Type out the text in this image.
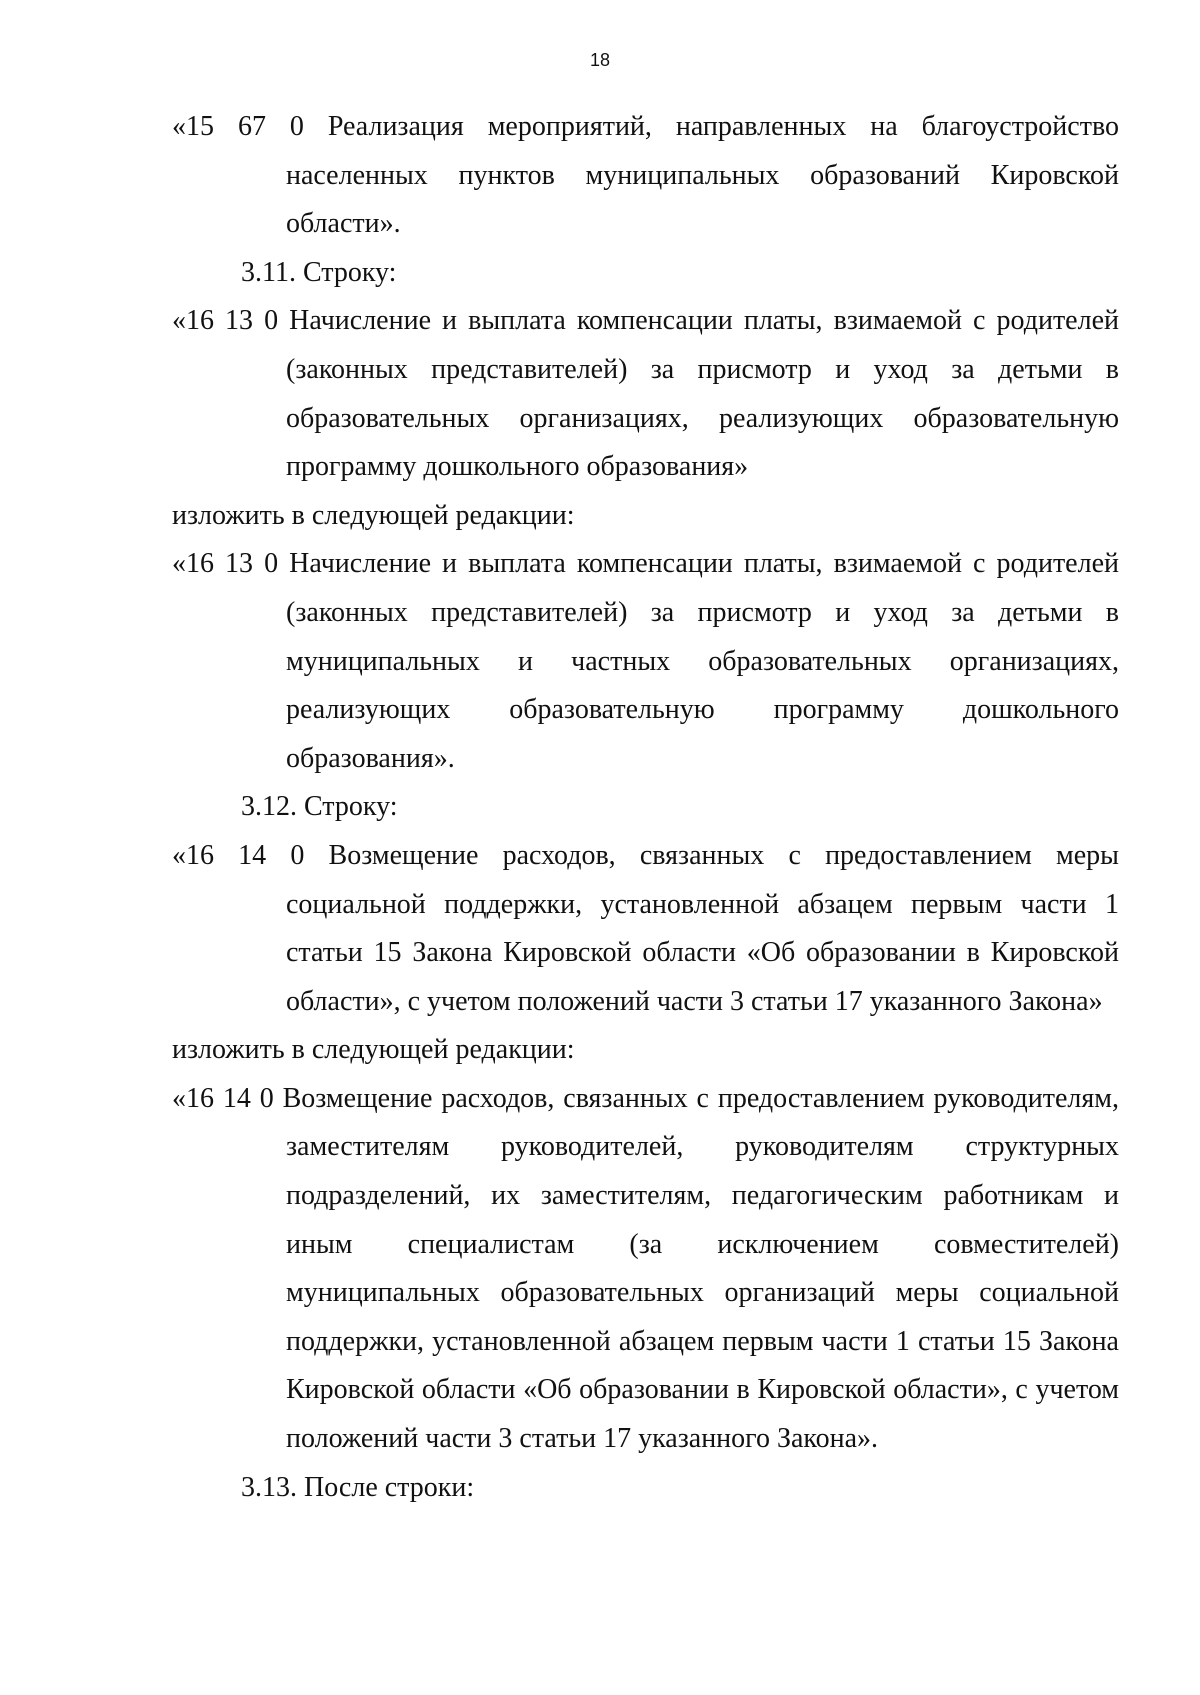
18
«15 67 0 Реализация мероприятий, направленных на благоустройство
населенных пунктов муниципальных образований Кировской
области».
3.11. Строку:
«16 13 0 Начисление и выплата компенсации платы, взимаемой с родителей
(законных представителей) за присмотр и уход за детьми в
образовательных организациях, реализующих образовательную
программу дошкольного образования»
изложить в следующей редакции:
«16 13 0 Начисление и выплата компенсации платы, взимаемой с родителей
(законных представителей) за присмотр и уход за детьми в
муниципальных и частных образовательных организациях,
реализующих образовательную программу дошкольного
образования».
3.12. Строку:
«16 14 0 Возмещение расходов, связанных с предоставлением меры
социальной поддержки, установленной абзацем первым части 1
статьи 15 Закона Кировской области «Об образовании в Кировской
области», с учетом положений части 3 статьи 17 указанного Закона»
изложить в следующей редакции:
«16 14 0 Возмещение расходов, связанных с предоставлением руководителям,
заместителям руководителей, руководителям структурных
подразделений, их заместителям, педагогическим работникам и
иным специалистам (за исключением совместителей)
муниципальных образовательных организаций меры социальной
поддержки, установленной абзацем первым части 1 статьи 15 Закона
Кировской области «Об образовании в Кировской области», с учетом
положений части 3 статьи 17 указанного Закона».
3.13. После строки:
